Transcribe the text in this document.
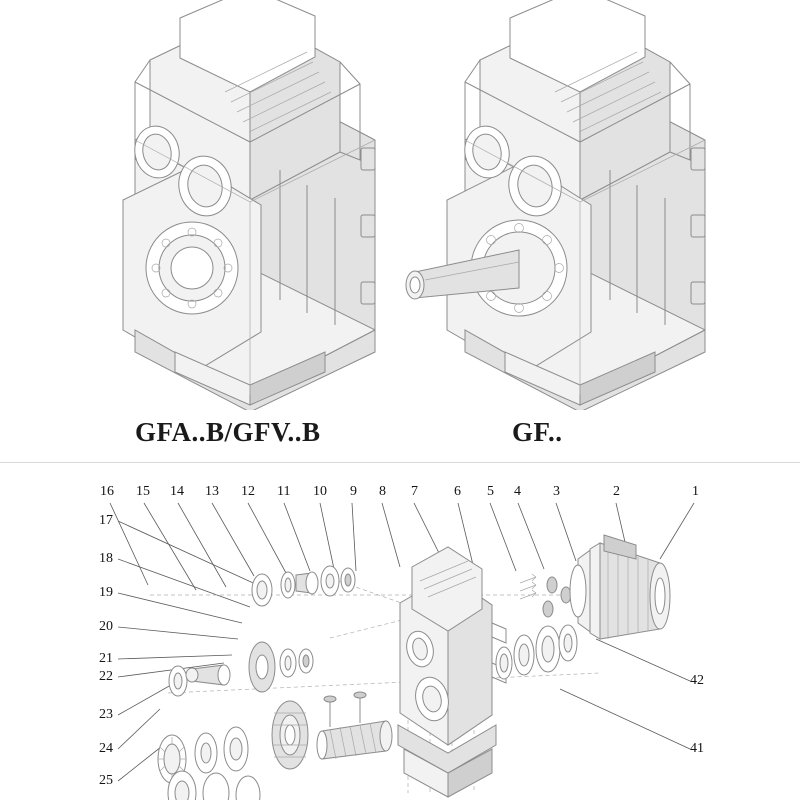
GFA..B/GFV..B	GF..
16 15 14 13 12 11 10 9 8 7	6 5 4 3	2	1
17
18
19
20
21
22
23
24
25
42
41
